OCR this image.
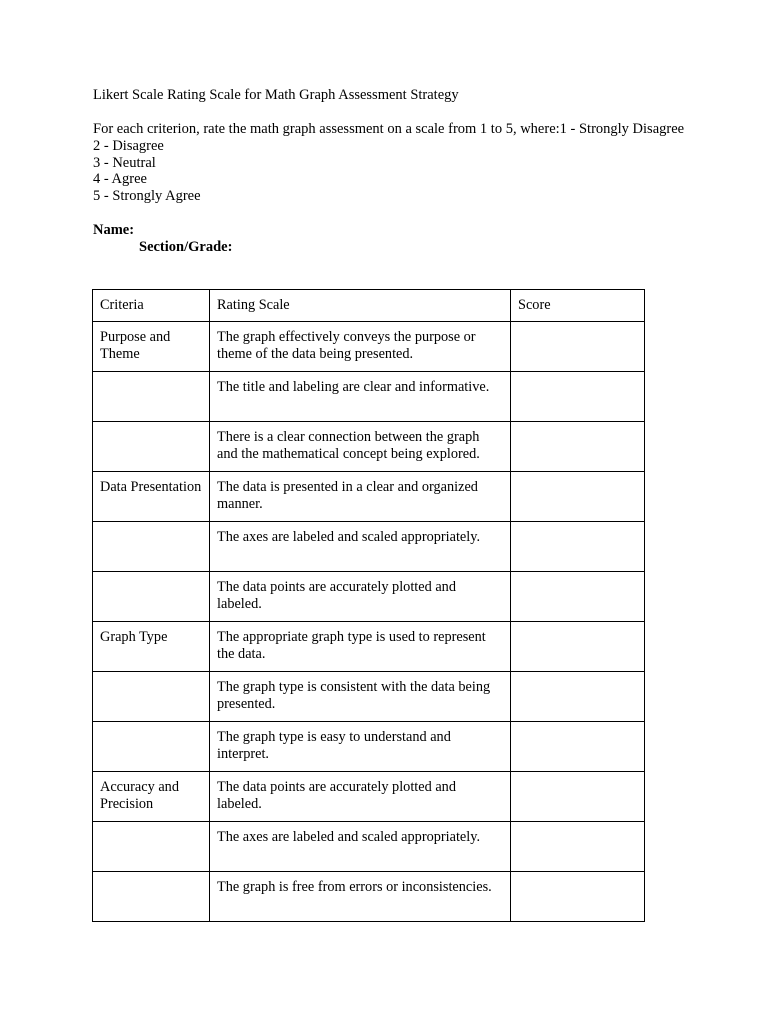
Likert Scale Rating Scale for Math Graph Assessment Strategy

For each criterion, rate the math graph assessment on a scale from 1 to 5, where:1 - Strongly Disagree
2 - Disagree
3 - Neutral
4 - Agree
5 - Strongly Agree
Name:
Section/Grade:
Criteria	Rating Scale	Score
Purpose and Theme	The graph effectively conveys the purpose or theme of the data being presented.	
	The title and labeling are clear and informative.	
	There is a clear connection between the graph and the mathematical concept being explored.	
Data Presentation	The data is presented in a clear and organized manner.	
	The axes are labeled and scaled appropriately.	
	The data points are accurately plotted and labeled.	
Graph Type	The appropriate graph type is used to represent the data.	
	The graph type is consistent with the data being presented.	
	The graph type is easy to understand and interpret.	
Accuracy and Precision	The data points are accurately plotted and labeled.	
	The axes are labeled and scaled appropriately.	
	The graph is free from errors or inconsistencies.	
